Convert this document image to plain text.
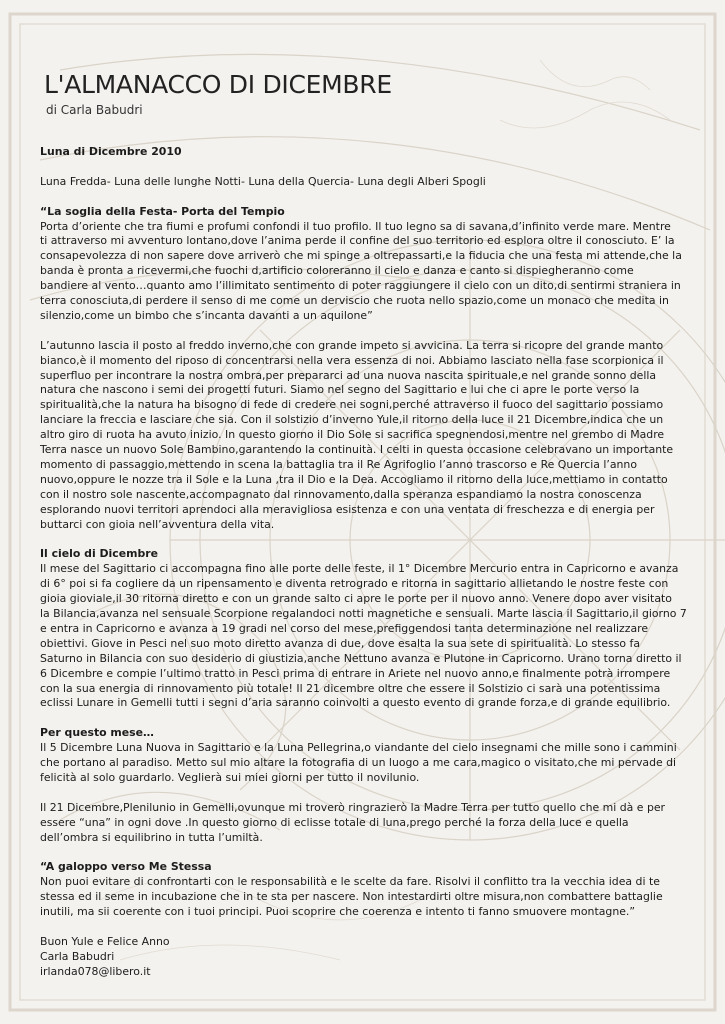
L'ALMANACCO DI DICEMBRE
di Carla Babudri

Luna di Dicembre 2010

Luna Fredda- Luna delle lunghe Notti- Luna della Quercia- Luna degli Alberi Spogli

“La soglia della Festa- Porta del Tempio
Porta d’oriente che tra fiumi e profumi confondi il tuo profilo. Il tuo legno sa di savana,d’infinito verde mare. Mentre
ti attraverso mi avventuro lontano,dove l’anima perde il confine del suo territorio ed esplora oltre il conosciuto. E’ la
consapevolezza di non sapere dove arriverò che mi spinge a oltrepassarti,e la fiducia che una festa mi attende,che la
banda è pronta a ricevermi,che fuochi d,artificio coloreranno il cielo e danza e canto si dispiegheranno come
bandiere al vento…quanto amo l’illimitato sentimento di poter raggiungere il cielo con un dito,di sentirmi straniera in
terra conosciuta,di perdere il senso di me come un derviscio che ruota nello spazio,come un monaco che medita in
silenzio,come un bimbo che s’incanta davanti a un aquilone”

L’autunno lascia il posto al freddo inverno,che con grande impeto si avvicina. La terra si ricopre del grande manto
bianco,è il momento del riposo di concentrarsi nella vera essenza di noi. Abbiamo lasciato nella fase scorpionica il
superfluo per incontrare la nostra ombra,per prepararci ad una nuova nascita spirituale,e nel grande sonno della
natura che nascono i semi dei progetti futuri. Siamo nel segno del Sagittario e lui che ci apre le porte verso la
spiritualità,che la natura ha bisogno di fede di credere nei sogni,perché attraverso il fuoco del sagittario possiamo
lanciare la freccia e lasciare che sia. Con il solstizio d’inverno Yule,il ritorno della luce il 21 Dicembre,indica che un
altro giro di ruota ha avuto inizio. In questo giorno il Dio Sole si sacrifica spegnendosi,mentre nel grembo di Madre
Terra nasce un nuovo Sole Bambino,garantendo la continuità. I celti in questa occasione celebravano un importante
momento di passaggio,mettendo in scena la battaglia tra il Re Agrifoglio l’anno trascorso e Re Quercia l’anno
nuovo,oppure le nozze tra il Sole e la Luna ,tra il Dio e la Dea. Accogliamo il ritorno della luce,mettiamo in contatto
con il nostro sole nascente,accompagnato dal rinnovamento,dalla speranza espandiamo la nostra conoscenza
esplorando nuovi territori aprendoci alla meravigliosa esistenza e con una ventata di freschezza e di energia per
buttarci con gioia nell’avventura della vita.

Il cielo di Dicembre
Il mese del Sagittario ci accompagna fino alle porte delle feste, il 1° Dicembre Mercurio entra in Capricorno e avanza
di 6° poi si fa cogliere da un ripensamento e diventa retrogrado e ritorna in sagittario allietando le nostre feste con
gioia gioviale,il 30 ritorna diretto e con un grande salto ci apre le porte per il nuovo anno. Venere dopo aver visitato
la Bilancia,avanza nel sensuale Scorpione regalandoci notti magnetiche e sensuali. Marte lascia il Sagittario,il giorno 7
e entra in Capricorno e avanza a 19 gradi nel corso del mese,prefiggendosi tanta determinazione nel realizzare
obiettivi. Giove in Pesci nel suo moto diretto avanza di due, dove esalta la sua sete di spiritualità. Lo stesso fa
Saturno in Bilancia con suo desiderio di giustizia,anche Nettuno avanza e Plutone in Capricorno. Urano torna diretto il
6 Dicembre e compie l’ultimo tratto in Pesci prima di entrare in Ariete nel nuovo anno,e finalmente potrà irrompere
con la sua energia di rinnovamento più totale! Il 21 dicembre oltre che essere il Solstizio ci sarà una potentissima
eclissi Lunare in Gemelli tutti i segni d’aria saranno coinvolti a questo evento di grande forza,e di grande equilibrio.

Per questo mese…
Il 5 Dicembre Luna Nuova in Sagittario e la Luna Pellegrina,o viandante del cielo insegnami che mille sono i cammini
che portano al paradiso. Metto sul mio altare la fotografia di un luogo a me cara,magico o visitato,che mi pervade di
felicità al solo guardarlo. Veglierà sui miei giorni per tutto il novilunio.

Il 21 Dicembre,Plenilunio in Gemelli,ovunque mi troverò ringrazierò la Madre Terra per tutto quello che mi dà e per
essere “una” in ogni dove .In questo giorno di eclisse totale di luna,prego perché la forza della luce e quella
dell’ombra si equilibrino in tutta l’umiltà.

“A galoppo verso Me Stessa
Non puoi evitare di confrontarti con le responsabilità e le scelte da fare. Risolvi il conflitto tra la vecchia idea di te
stessa ed il seme in incubazione che in te sta per nascere. Non intestardirti oltre misura,non combattere battaglie
inutili, ma sii coerente con i tuoi principi. Puoi scoprire che coerenza e intento ti fanno smuovere montagne.”

Buon Yule e Felice Anno
Carla Babudri
irlanda078@libero.it
